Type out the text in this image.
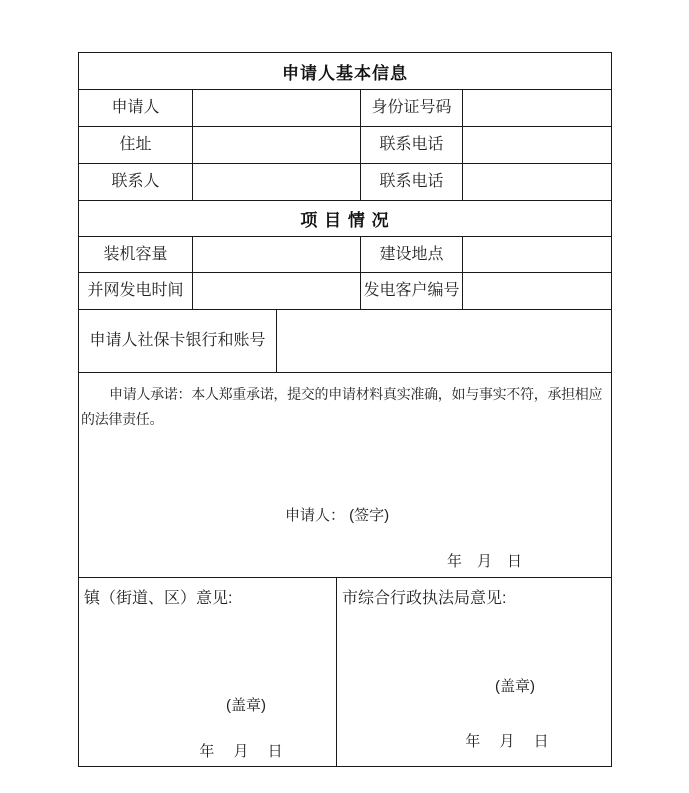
申请人基本信息
申请人	身份证号码
住址	联系电话
联系人	联系电话
项 目 情 况
装机容量	建设地点
并网发电时间	发电客户编号
申请人社保卡银行和账号
申请人承诺：本人郑重承诺，提交的申请材料真实准确，如与事实不符，承担相应的法律责任。
申请人： (签字)
年　月　日
镇（街道、区）意见:
(盖章)
年　 月　 日
市综合行政执法局意见:
(盖章)
年　 月　 日
